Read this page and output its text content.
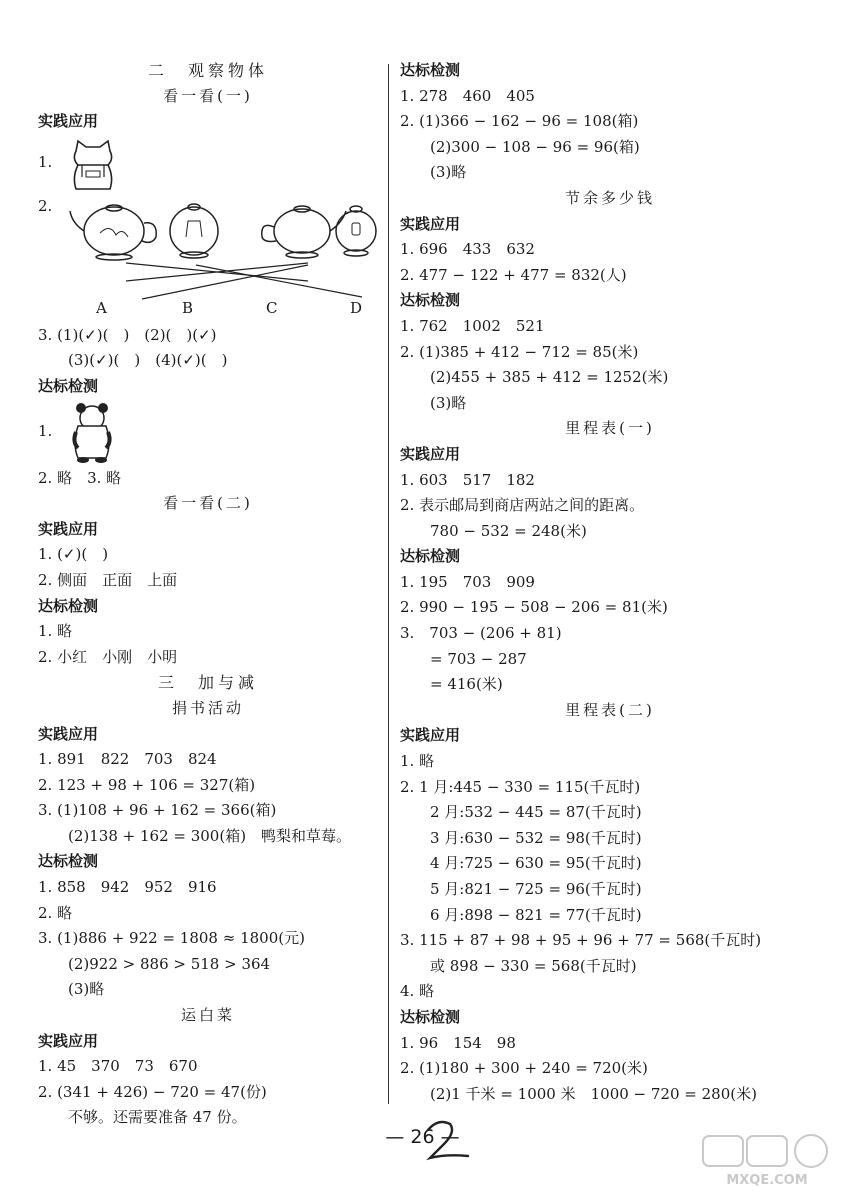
二　观察物体
看一看(一)
实践应用
1.
2.
A	B	C	D
3. (1)(✓)(　)　(2)(　)(✓)
(3)(✓)(　)　(4)(✓)(　)
达标检测
1.
2. 略　3. 略
看一看(二)
实践应用
1. (✓)(　)
2. 侧面　正面　上面
达标检测
1. 略
2. 小红　小刚　小明
三　加与减
捐书活动
实践应用
1. 891　822　703　824
2. 123 + 98 + 106 = 327(箱)
3. (1)108 + 96 + 162 = 366(箱)
(2)138 + 162 = 300(箱)　鸭梨和草莓。
达标检测
1. 858　942　952　916
2. 略
3. (1)886 + 922 = 1808 ≈ 1800(元)
(2)922 > 886 > 518 > 364
(3)略
运白菜
实践应用
1. 45　370　73　670
2. (341 + 426) − 720 = 47(份)
不够。还需要准备 47 份。
达标检测
1. 278　460　405
2. (1)366 − 162 − 96 = 108(箱)
(2)300 − 108 − 96 = 96(箱)
(3)略
节余多少钱
实践应用
1. 696　433　632
2. 477 − 122 + 477 = 832(人)
达标检测
1. 762　1002　521
2. (1)385 + 412 − 712 = 85(米)
(2)455 + 385 + 412 = 1252(米)
(3)略
里程表(一)
实践应用
1. 603　517　182
2. 表示邮局到商店两站之间的距离。
780 − 532 = 248(米)
达标检测
1. 195　703　909
2. 990 − 195 − 508 − 206 = 81(米)
3.　703 − (206 + 81)
= 703 − 287
= 416(米)
里程表(二)
实践应用
1. 略
2. 1 月:445 − 330 = 115(千瓦时)
2 月:532 − 445 = 87(千瓦时)
3 月:630 − 532 = 98(千瓦时)
4 月:725 − 630 = 95(千瓦时)
5 月:821 − 725 = 96(千瓦时)
6 月:898 − 821 = 77(千瓦时)
3. 115 + 87 + 98 + 95 + 96 + 77 = 568(千瓦时)
或 898 − 330 = 568(千瓦时)
4. 略
达标检测
1. 96　154　98
2. (1)180 + 300 + 240 = 720(米)
(2)1 千米 = 1000 米　1000 − 720 = 280(米)
— 26 —
MXQE.COM
